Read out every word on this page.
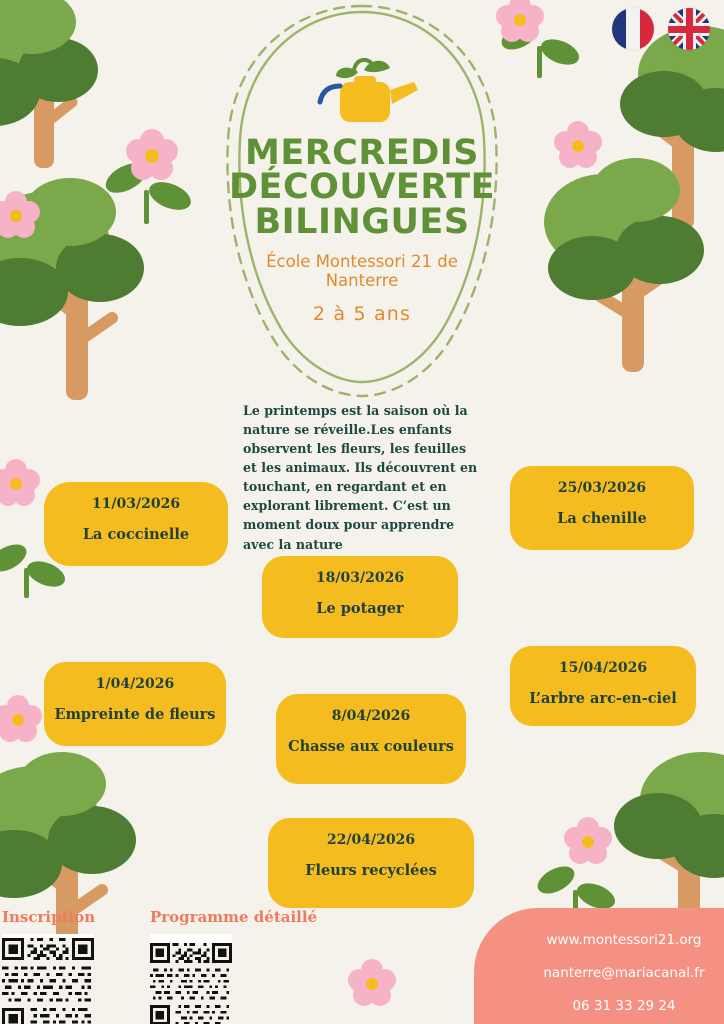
MERCREDIS

DÉCOUVERTE
BILINGUES
École Montessori 21 de
Nanterre
2 à 5 ans

Le printemps est la saison où la nature se réveille.Les enfants observent les fleurs, les feuilles et les animaux. Ils découvrent en touchant, en regardant et en explorant librement. C’est un moment doux pour apprendre avec la nature

11/03/2026
La coccinelle
18/03/2026
Le potager
25/03/2026
La chenille
1/04/2026
Empreinte de fleurs	8/04/2026
Chasse aux couleurs
15/04/2026
L’arbre arc-en-ciel
22/04/2026
Fleurs recyclées
Inscription	Programme détaillé
www.montessori21.org
nanterre@mariacanal.fr
06 31 33 29 24
